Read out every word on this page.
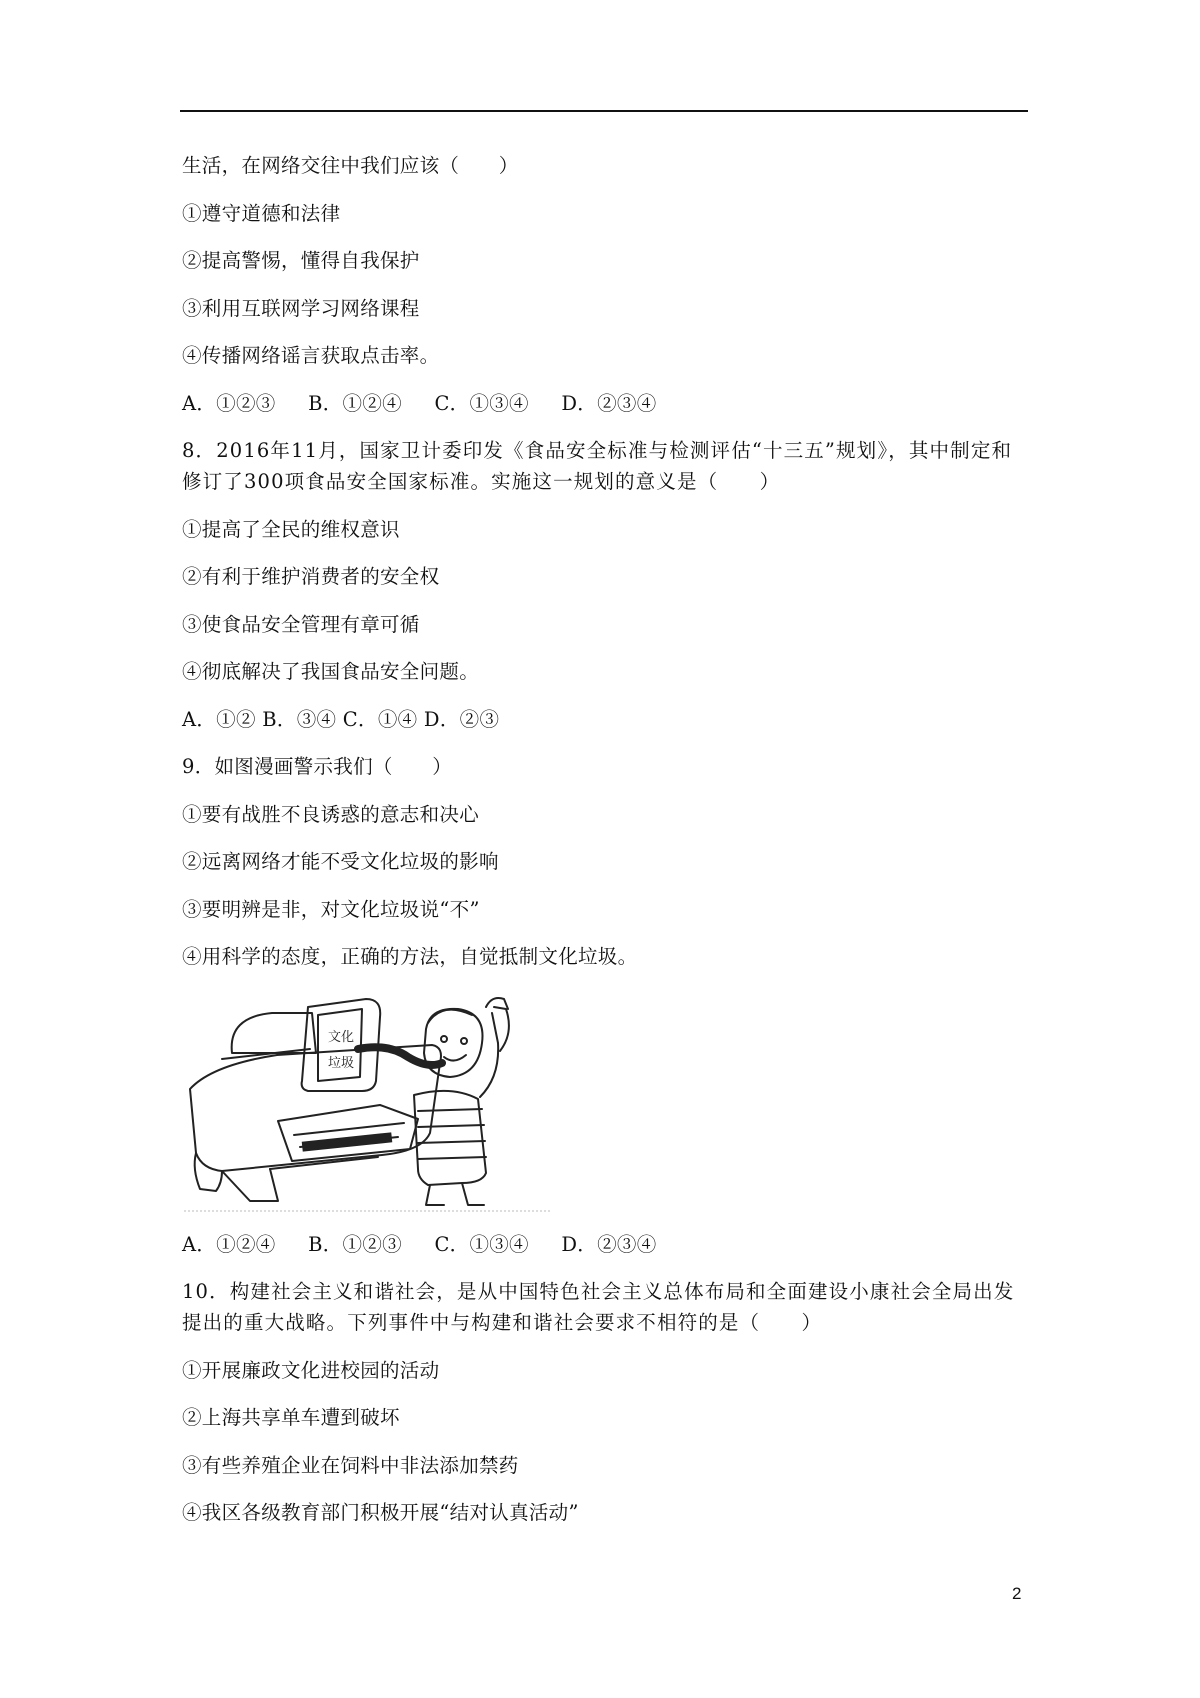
生活，在网络交往中我们应该（　　）
①遵守道德和法律
②提高警惕，懂得自我保护
③利用互联网学习网络课程
④传播网络谣言获取点击率。
A．①②③ B．①②④ C．①③④ D．②③④
8．2016年11月，国家卫计委印发《食品安全标准与检测评估“十三五”规划》，其中制定和修订了300项食品安全国家标准。实施这一规划的意义是（　　）
①提高了全民的维权意识
②有利于维护消费者的安全权
③使食品安全管理有章可循
④彻底解决了我国食品安全问题。
A．①② B．③④ C．①④ D．②③
9．如图漫画警示我们（　　）
①要有战胜不良诱惑的意志和决心
②远离网络才能不受文化垃圾的影响
③要明辨是非，对文化垃圾说“不”
④用科学的态度，正确的方法，自觉抵制文化垃圾。
文化
垃圾
A．①②④ B．①②③ C．①③④ D．②③④
10．构建社会主义和谐社会，是从中国特色社会主义总体布局和全面建设小康社会全局出发提出的重大战略。下列事件中与构建和谐社会要求不相符的是（　　）
①开展廉政文化进校园的活动
②上海共享单车遭到破坏
③有些养殖企业在饲料中非法添加禁药
④我区各级教育部门积极开展“结对认真活动”
2
